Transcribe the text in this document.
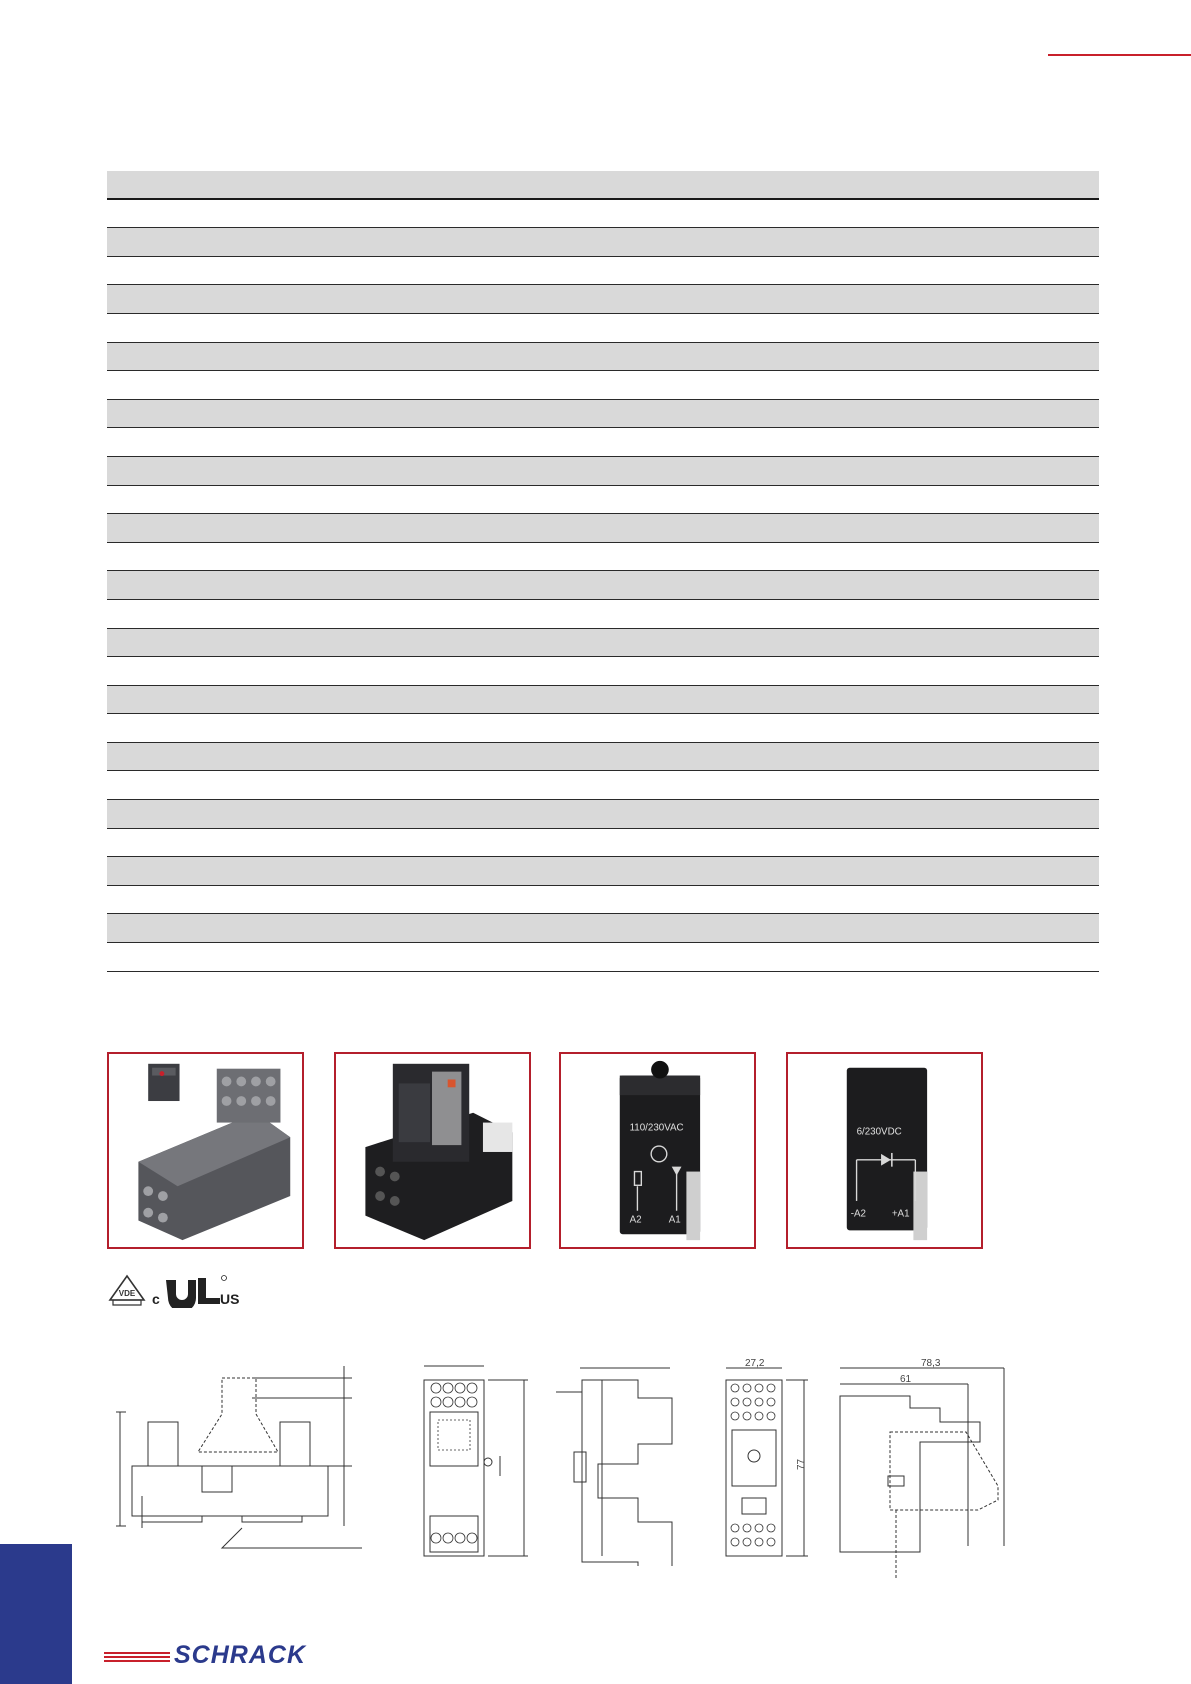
110/230VAC
A2	A1
6/230VDC
-A2	+A1
VDE c	US
27,2
77
78,3
61
SCHRACK
